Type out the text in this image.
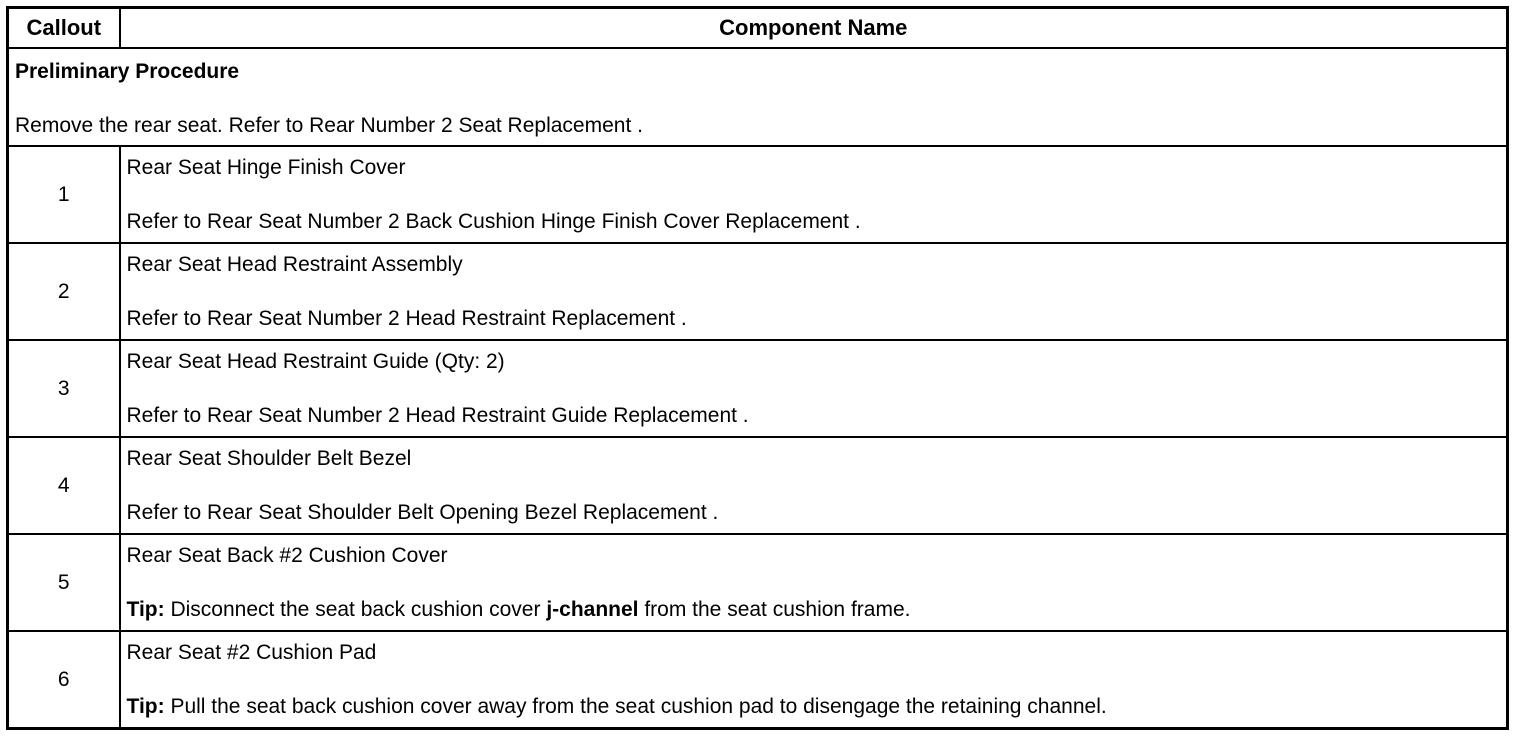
Callout	Component Name

Preliminary Procedure
Remove the rear seat. Refer to Rear Number 2 Seat Replacement .	

1	Rear Seat Hinge Finish Cover
Refer to Rear Seat Number 2 Back Cushion Hinge Finish Cover Replacement .

2	Rear Seat Head Restraint Assembly
Refer to Rear Seat Number 2 Head Restraint Replacement .

3	Rear Seat Head Restraint Guide (Qty: 2)
Refer to Rear Seat Number 2 Head Restraint Guide Replacement .

4	Rear Seat Shoulder Belt Bezel
Refer to Rear Seat Shoulder Belt Opening Bezel Replacement .

5	Rear Seat Back #2 Cushion Cover
Tip: Disconnect the seat back cushion cover j-channel from the seat cushion frame.

6	Rear Seat #2 Cushion Pad
Tip: Pull the seat back cushion cover away from the seat cushion pad to disengage the retaining channel.
